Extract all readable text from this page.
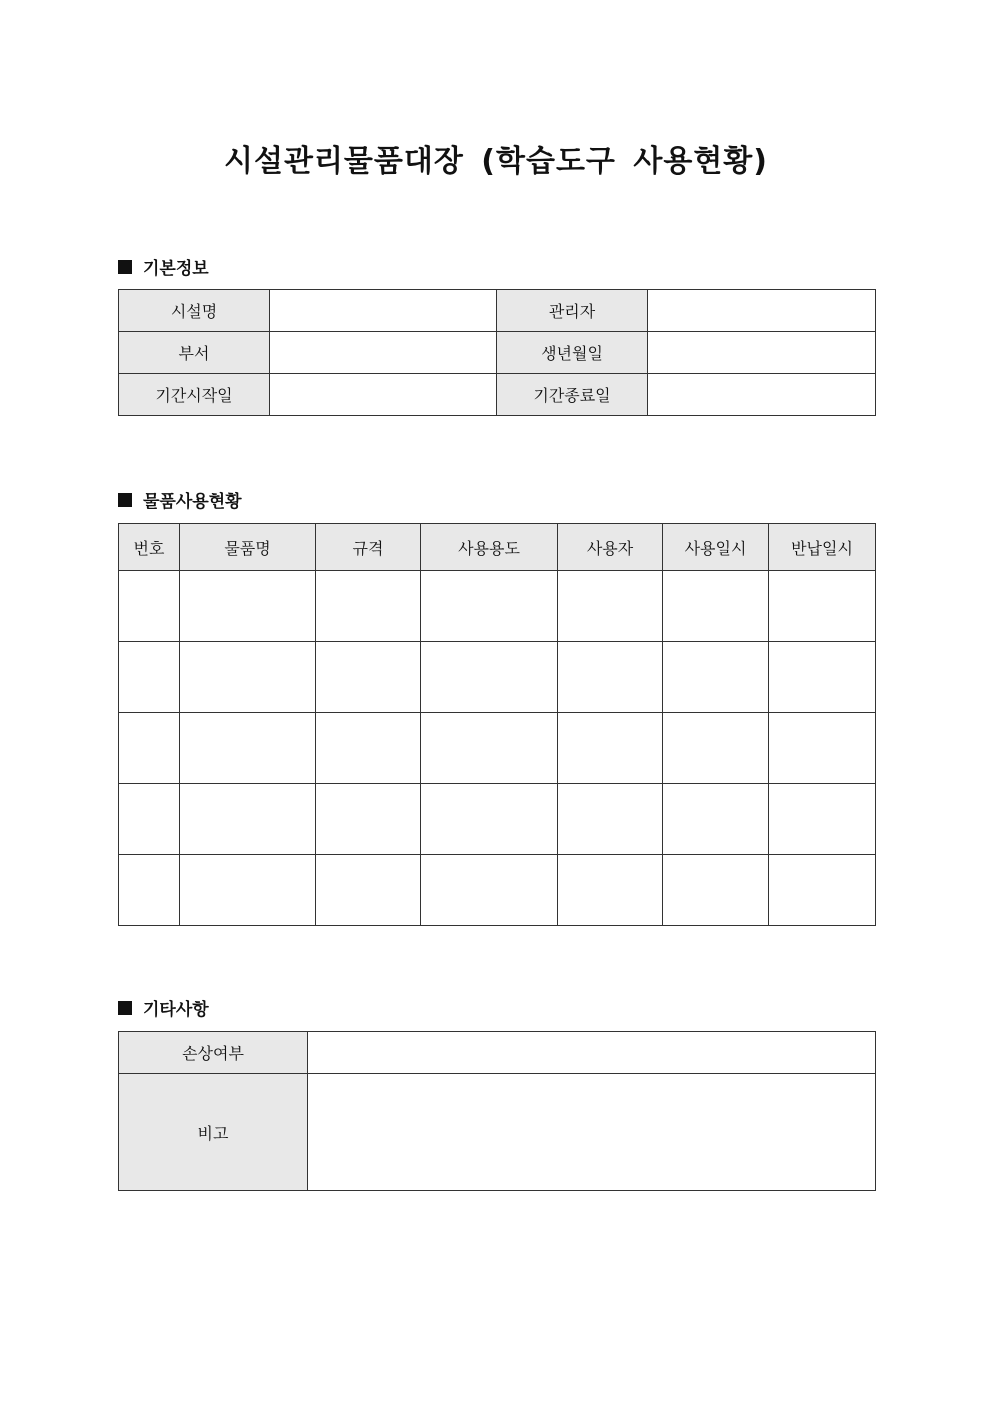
시설관리물품대장 (학습도구 사용현황)
기본정보
시설명		관리자	
부서		생년월일	
기간시작일		기간종료일	
물품사용현황
번호	물품명	규격	사용용도	사용자	사용일시	반납일시

기타사항
손상여부	
비고	
